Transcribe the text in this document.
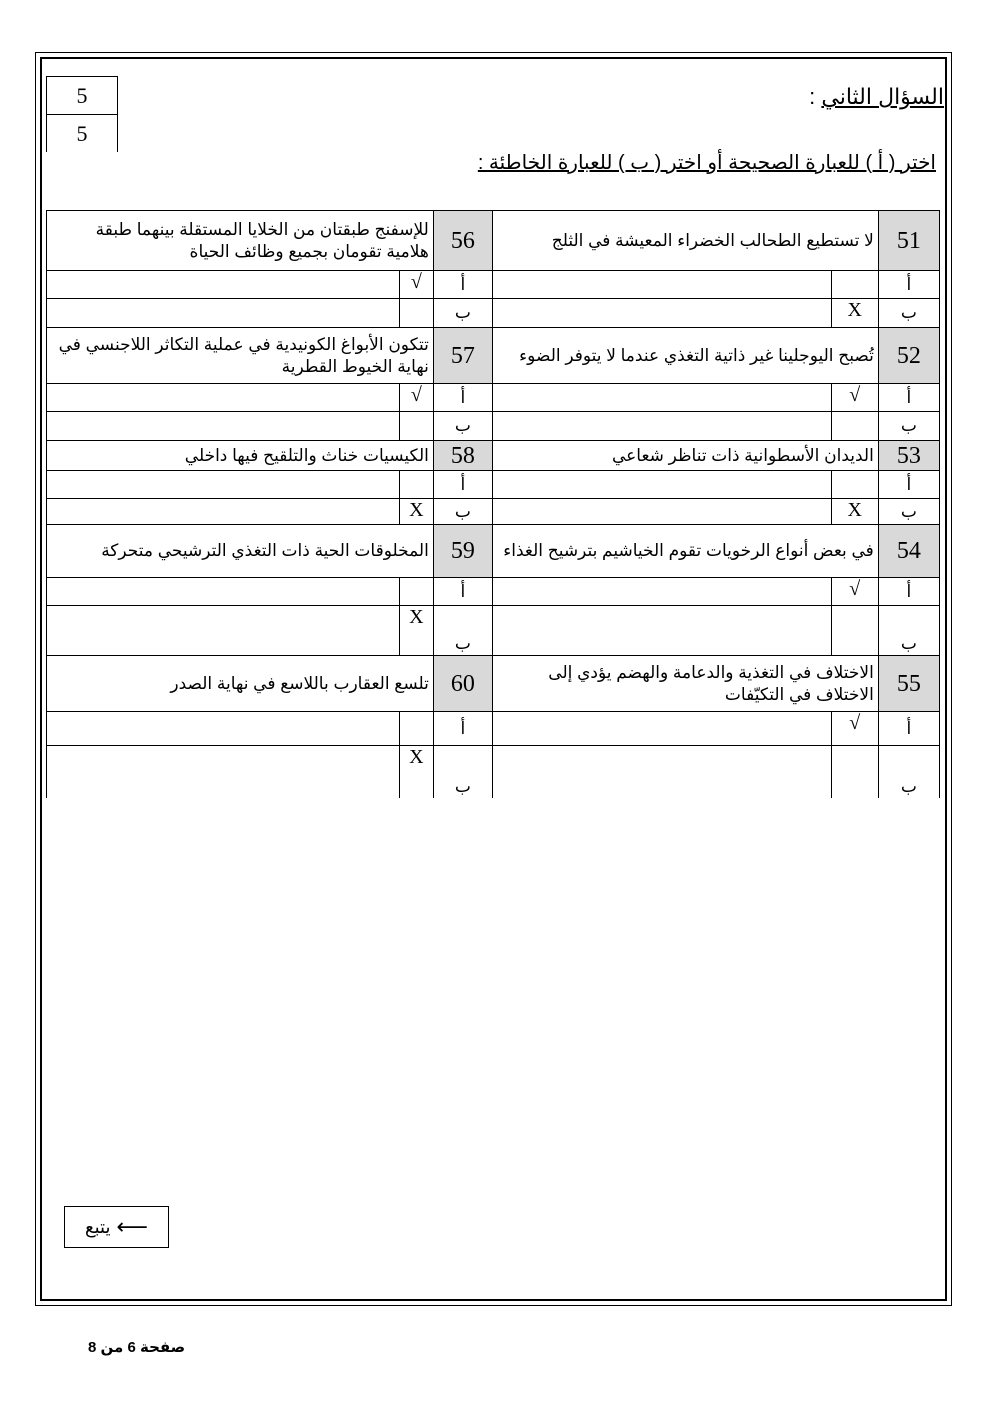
5
5
السؤال الثاني :
اختر ( أ ) للعبارة الصحيحة أو اختر ( ب ) للعبارة الخاطئة :
للإسفنج طبقتان من الخلايا المستقلة بينهما طبقة هلامية تقومان بجميع وظائف الحياة		56	لا تستطيع الطحالب الخضراء المعيشة في الثلج		51
	√	أ			أ
		ب		X	ب
تتكون الأبواغ الكونيدية في عملية التكاثر اللاجنسي في نهاية الخيوط القطرية		57	تُصبح اليوجلينا غير ذاتية التغذي عندما لا يتوفر الضوء		52
	√	أ		√	أ
		ب			ب
الكيسيات خناث والتلقيح فيها داخلي		58	الديدان الأسطوانية ذات تناظر شعاعي		53
		أ			أ
	X	ب		X	ب
المخلوقات الحية ذات التغذي الترشيحي متحركة		59	في بعض أنواع الرخويات تقوم الخياشيم بترشيح الغذاء		54
		أ		√	أ
	X	ب			ب
تلسع العقارب باللاسع في نهاية الصدر		60	الاختلاف في التغذية والدعامة والهضم يؤدي إلى الاختلاف في التكيّفات		55
		أ		√	أ
	X	ب			ب
يتبع ⟵
صفحة 6 من 8
